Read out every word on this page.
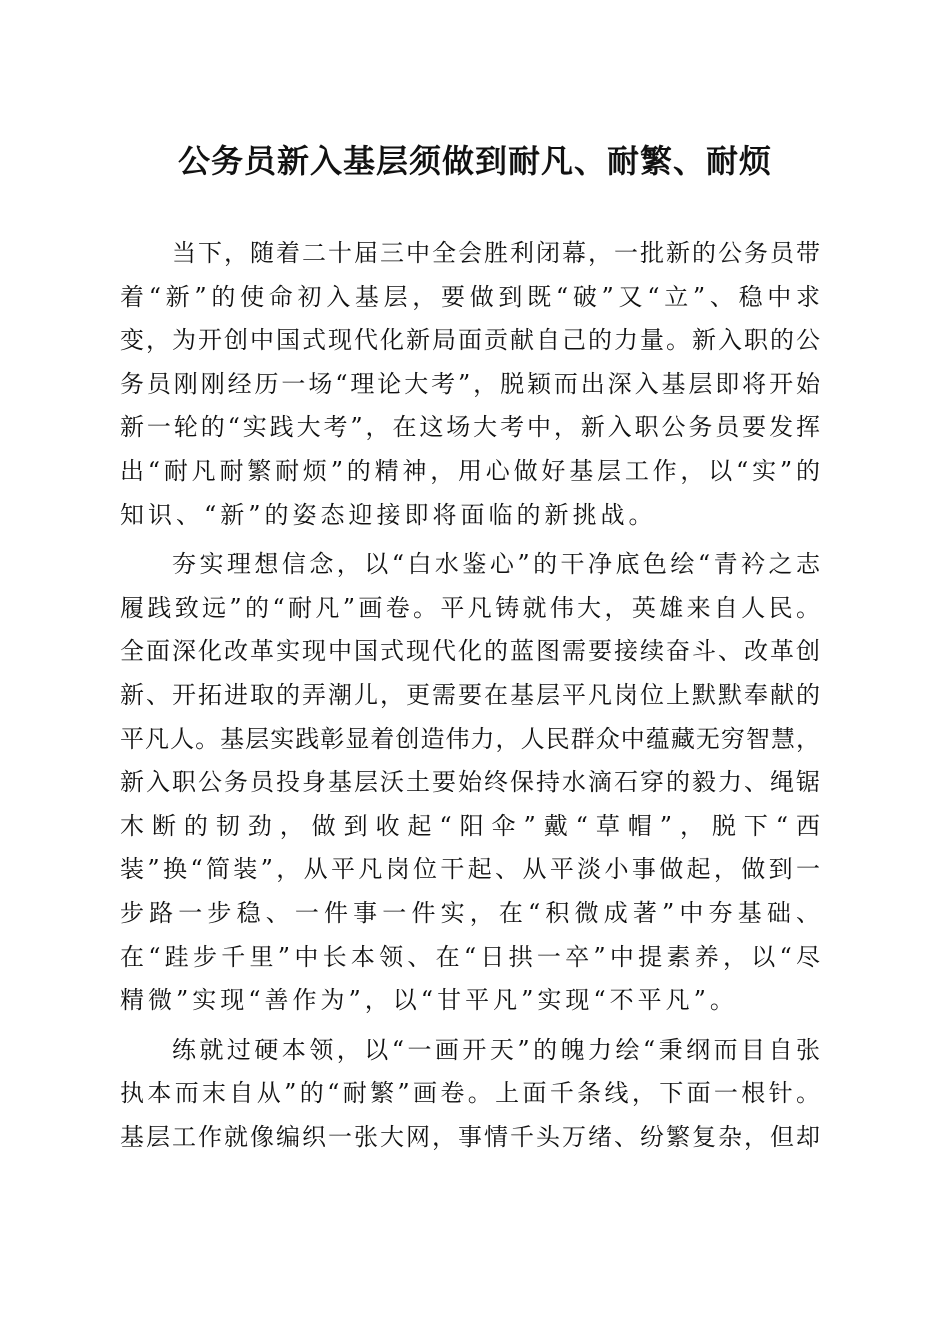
公务员新入基层须做到耐凡、耐繁、耐烦
当下，随着二十届三中全会胜利闭幕，一批新的公务员带
着“新”的使命初入基层，要做到既“破”又“立”、稳中求
变，为开创中国式现代化新局面贡献自己的力量。新入职的公
务员刚刚经历一场“理论大考”，脱颖而出深入基层即将开始
新一轮的“实践大考”，在这场大考中，新入职公务员要发挥
出“耐凡耐繁耐烦”的精神，用心做好基层工作，以“实”的
知识、“新”的姿态迎接即将面临的新挑战。
夯实理想信念，以“白水鉴心”的干净底色绘“青衿之志
履践致远”的“耐凡”画卷。平凡铸就伟大，英雄来自人民。
全面深化改革实现中国式现代化的蓝图需要接续奋斗、改革创
新、开拓进取的弄潮儿，更需要在基层平凡岗位上默默奉献的
平凡人。基层实践彰显着创造伟力，人民群众中蕴藏无穷智慧，
新入职公务员投身基层沃土要始终保持水滴石穿的毅力、绳锯
木断的韧劲，做到收起“阳伞”戴“草帽”，脱下“西
装”换“简装”，从平凡岗位干起、从平淡小事做起，做到一
步路一步稳、一件事一件实，在“积微成著”中夯基础、
在“跬步千里”中长本领、在“日拱一卒”中提素养，以“尽
精微”实现“善作为”，以“甘平凡”实现“不平凡”。
练就过硬本领，以“一画开天”的魄力绘“秉纲而目自张
执本而末自从”的“耐繁”画卷。上面千条线，下面一根针。
基层工作就像编织一张大网，事情千头万绪、纷繁复杂，但却
